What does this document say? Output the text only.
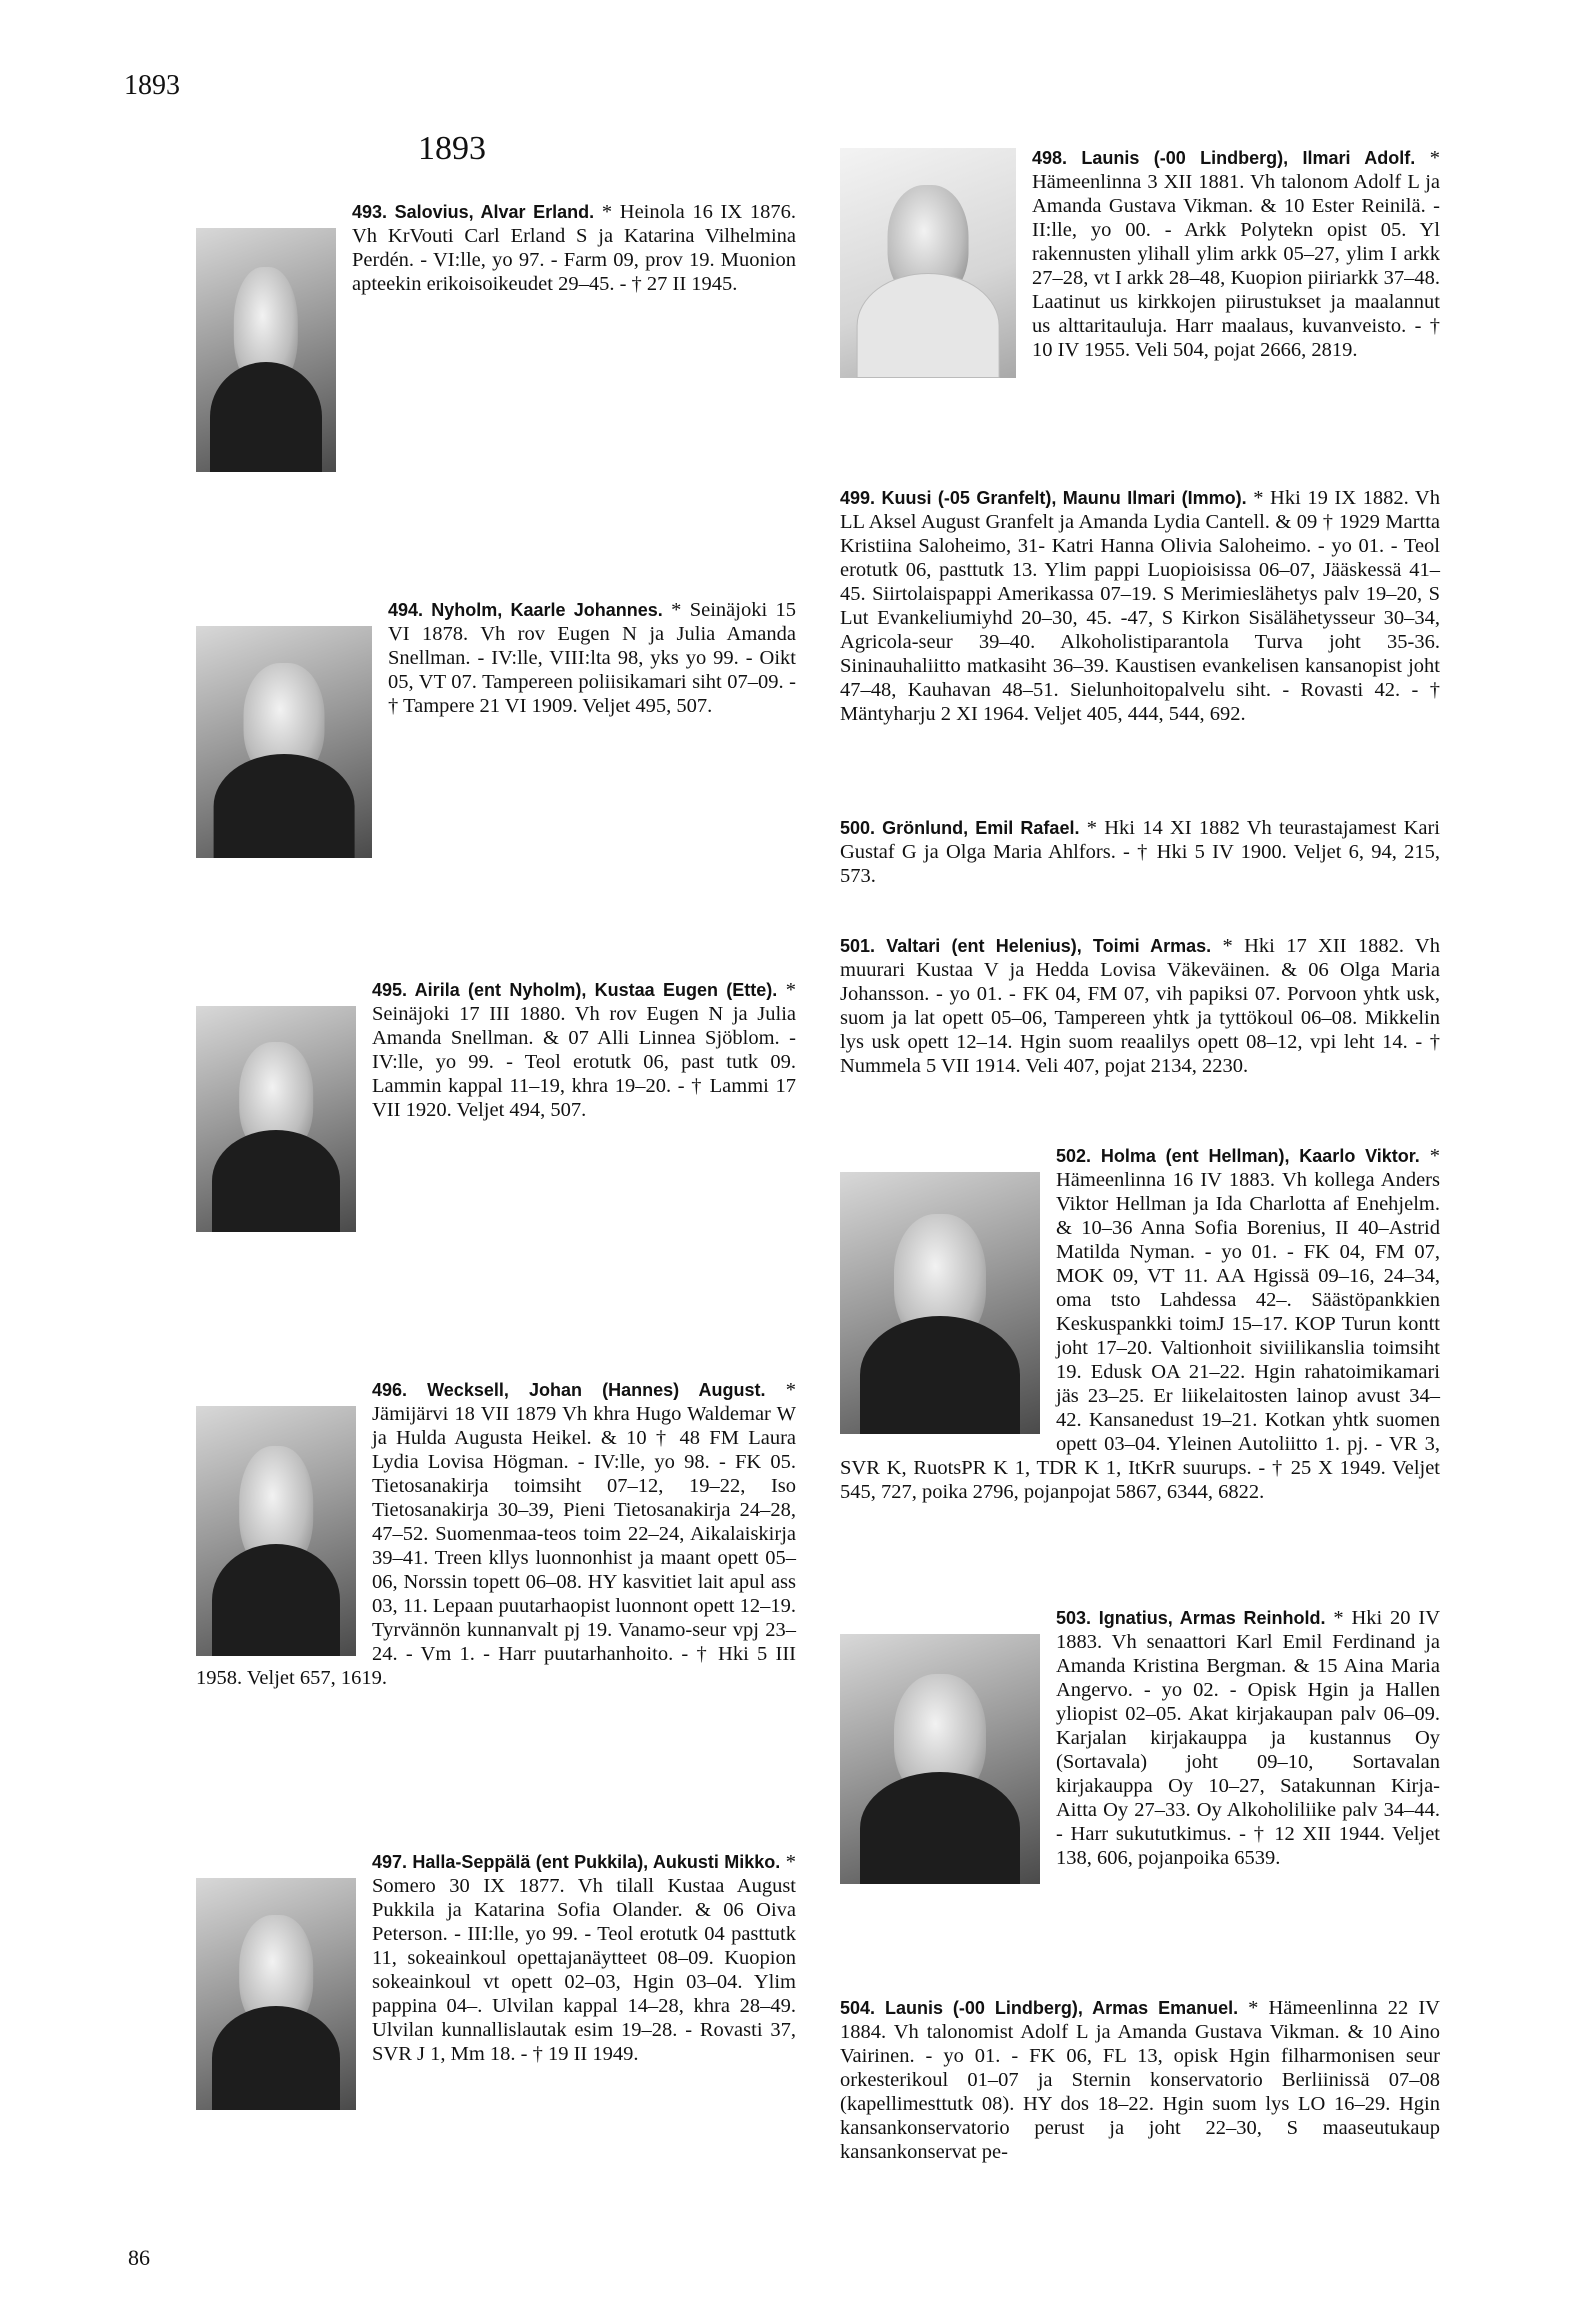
1893
1893
493. Salovius, Alvar Erland. * Heinola 16 IX 1876. Vh KrVouti Carl Erland S ja Katarina Vilhelmina Perdén. - VI:lle, yo 97. - Farm 09, prov 19. Muonion apteekin erikoisoikeudet 29–45. - † 27 II 1945.
494. Nyholm, Kaarle Johannes. * Seinäjoki 15 VI 1878. Vh rov Eugen N ja Julia Amanda Snellman. - IV:lle, VIII:lta 98, yks yo 99. - Oikt 05, VT 07. Tampereen poliisikamari siht 07–09. - † Tampere 21 VI 1909. Veljet 495, 507.
495. Airila (ent Nyholm), Kustaa Eugen (Ette). * Seinäjoki 17 III 1880. Vh rov Eugen N ja Julia Amanda Snellman. & 07 Alli Linnea Sjöblom. - IV:lle, yo 99. - Teol erotutk 06, past tutk 09. Lammin kappal 11–19, khra 19–20. - † Lammi 17 VII 1920. Veljet 494, 507.
496. Wecksell, Johan (Hannes) August. * Jämijärvi 18 VII 1879 Vh khra Hugo Waldemar W ja Hulda Augusta Heikel. & 10 † 48 FM Laura Lydia Lovisa Högman. - IV:lle, yo 98. - FK 05. Tietosanakirja toimsiht 07–12, 19–22, Iso Tietosanakirja 30–39, Pieni Tietosanakirja 24–28, 47–52. Suomenmaa-teos toim 22–24, Aikalaiskirja 39–41. Treen kllys luonnonhist ja maant opett 05–06, Norssin topett 06–08. HY kasvitiet lait apul ass 03, 11. Lepaan puutarhaopist luonnont opett 12–19. Tyrvännön kunnanvalt pj 19. Vanamo-seur vpj 23–24. - Vm 1. - Harr puutarhanhoito. - † Hki 5 III 1958. Veljet 657, 1619.
497. Halla-Seppälä (ent Pukkila), Aukusti Mikko. * Somero 30 IX 1877. Vh tilall Kustaa August Pukkila ja Katarina Sofia Olander. & 06 Oiva Peterson. - III:lle, yo 99. - Teol erotutk 04 pasttutk 11, sokeainkoul opettajanäytteet 08–09. Kuopion sokeainkoul vt opett 02–03, Hgin 03–04. Ylim pappina 04–. Ulvilan kappal 14–28, khra 28–49. Ulvilan kunnallislautak esim 19–28. - Rovasti 37, SVR J 1, Mm 18. - † 19 II 1949.
498. Launis (-00 Lindberg), Ilmari Adolf. * Hämeenlinna 3 XII 1881. Vh talonom Adolf L ja Amanda Gustava Vikman. & 10 Ester Reinilä. - II:lle, yo 00. - Arkk Polytekn opist 05. Yl rakennusten ylihall ylim arkk 05–27, ylim I arkk 27–28, vt I arkk 28–48, Kuopion piiriarkk 37–48. Laatinut us kirkkojen piirustukset ja maalannut us alttaritauluja. Harr maalaus, kuvanveisto. - † 10 IV 1955. Veli 504, pojat 2666, 2819.
499. Kuusi (-05 Granfelt), Maunu Ilmari (Immo). * Hki 19 IX 1882. Vh LL Aksel August Granfelt ja Amanda Lydia Cantell. & 09 † 1929 Martta Kristiina Saloheimo, 31- Katri Hanna Olivia Saloheimo. - yo 01. - Teol erotutk 06, pasttutk 13. Ylim pappi Luopioisissa 06–07, Jääskessä 41–45. Siirtolaispappi Amerikassa 07–19. S Merimieslähetys palv 19–20, S Lut Evankeliumiyhd 20–30, 45. -47, S Kirkon Sisälähetysseur 30–34, Agricola-seur 39–40. Alkoholistiparantola Turva joht 35-36. Sininauhaliitto matkasiht 36–39. Kaustisen evankelisen kansanopist joht 47–48, Kauhavan 48–51. Sielunhoitopalvelu siht. - Rovasti 42. - † Mäntyharju 2 XI 1964. Veljet 405, 444, 544, 692.
500. Grönlund, Emil Rafael. * Hki 14 XI 1882 Vh teurastajamest Kari Gustaf G ja Olga Maria Ahlfors. - † Hki 5 IV 1900. Veljet 6, 94, 215, 573.
501. Valtari (ent Helenius), Toimi Armas. * Hki 17 XII 1882. Vh muurari Kustaa V ja Hedda Lovisa Väkeväinen. & 06 Olga Maria Johansson. - yo 01. - FK 04, FM 07, vih papiksi 07. Porvoon yhtk usk, suom ja lat opett 05–06, Tampereen yhtk ja tyttökoul 06–08. Mikkelin lys usk opett 12–14. Hgin suom reaalilys opett 08–12, vpi leht 14. - † Nummela 5 VII 1914. Veli 407, pojat 2134, 2230.
502. Holma (ent Hellman), Kaarlo Viktor. * Hämeenlinna 16 IV 1883. Vh kollega Anders Viktor Hellman ja Ida Charlotta af Enehjelm. & 10–36 Anna Sofia Borenius, II 40–Astrid Matilda Nyman. - yo 01. - FK 04, FM 07, MOK 09, VT 11. AA Hgissä 09–16, 24–34, oma tsto Lahdessa 42–. Säästöpankkien Keskuspankki toimJ 15–17. KOP Turun kontt joht 17–20. Valtionhoit siviilikanslia toimsiht 19. Edusk OA 21–22. Hgin rahatoimikamari jäs 23–25. Er liikelaitosten lainop avust 34–42. Kansanedust 19–21. Kotkan yhtk suomen opett 03–04. Yleinen Autoliitto 1. pj. - VR 3, SVR K, RuotsPR K 1, TDR K 1, ItKrR suurups. - † 25 X 1949. Veljet 545, 727, poika 2796, pojanpojat 5867, 6344, 6822.
503. Ignatius, Armas Reinhold. * Hki 20 IV 1883. Vh senaattori Karl Emil Ferdinand ja Amanda Kristina Bergman. & 15 Aina Maria Angervo. - yo 02. - Opisk Hgin ja Hallen yliopist 02–05. Akat kirjakaupan palv 06–09. Karjalan kirjakauppa ja kustannus Oy (Sortavala) joht 09–10, Sortavalan kirjakauppa Oy 10–27, Satakunnan Kirja-Aitta Oy 27–33. Oy Alkoholiliike palv 34–44. - Harr sukututkimus. - † 12 XII 1944. Veljet 138, 606, pojanpoika 6539.
504. Launis (-00 Lindberg), Armas Emanuel. * Hämeenlinna 22 IV 1884. Vh talonomist Adolf L ja Amanda Gustava Vikman. & 10 Aino Vairinen. - yo 01. - FK 06, FL 13, opisk Hgin filharmonisen seur orkesterikoul 01–07 ja Sternin konservatorio Berliinissä 07–08 (kapellimesttutk 08). HY dos 18–22. Hgin suom lys LO 16–29. Hgin kansankonservatorio perust ja joht 22–30, S maaseutukaup kansankonservat pe-
86
